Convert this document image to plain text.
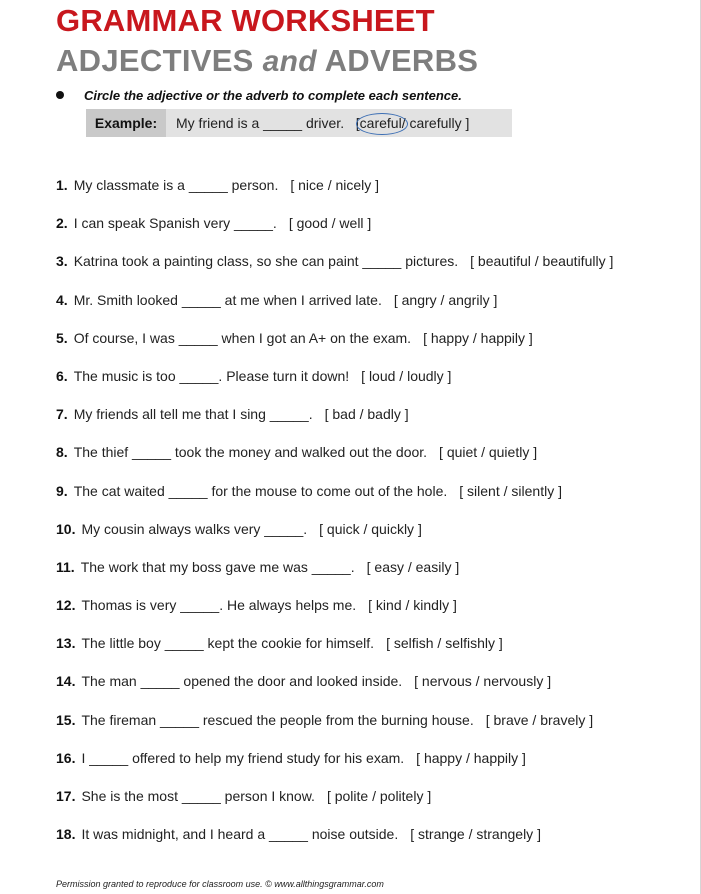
GRAMMAR WORKSHEET
ADJECTIVES and ADVERBS
Circle the adjective or the adverb to complete each sentence.
Example:	My friend is a _____ driver. [careful
/ carefully ]
1. My classmate is a _____ person. [ nice / nicely ]
2. I can speak Spanish very _____. [ good / well ]
3. Katrina took a painting class, so she can paint _____ pictures. [ beautiful / beautifully ]
4. Mr. Smith looked _____ at me when I arrived late. [ angry / angrily ]
5. Of course, I was _____ when I got an A+ on the exam. [ happy / happily ]
6. The music is too _____. Please turn it down! [ loud / loudly ]
7. My friends all tell me that I sing _____. [ bad / badly ]
8. The thief _____ took the money and walked out the door. [ quiet / quietly ]
9. The cat waited _____ for the mouse to come out of the hole. [ silent / silently ]
10. My cousin always walks very _____. [ quick / quickly ]
11. The work that my boss gave me was _____. [ easy / easily ]
12. Thomas is very _____. He always helps me. [ kind / kindly ]
13. The little boy _____ kept the cookie for himself. [ selfish / selfishly ]
14. The man _____ opened the door and looked inside. [ nervous / nervously ]
15. The fireman _____ rescued the people from the burning house. [ brave / bravely ]
16. I _____ offered to help my friend study for his exam. [ happy / happily ]
17. She is the most _____ person I know. [ polite / politely ]
18. It was midnight, and I heard a _____ noise outside. [ strange / strangely ]
Permission granted to reproduce for classroom use. © www.allthingsgrammar.com
